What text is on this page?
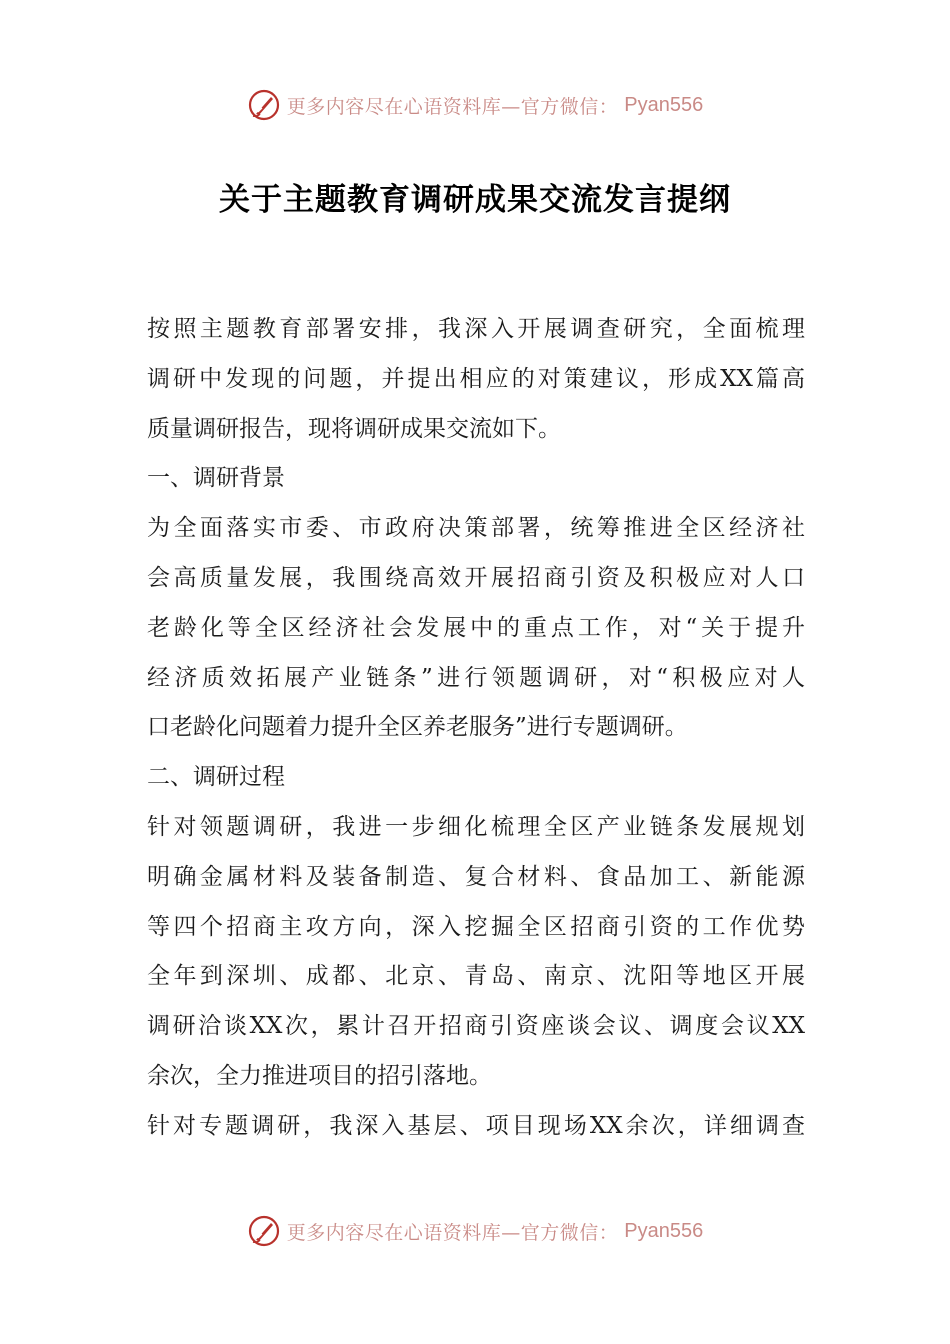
更多内容尽在心语资料库—官方微信： Pyan556
关于主题教育调研成果交流发言提纲
按照主题教育部署安排，我深入开展调查研究，全面梳理
调研中发现的问题，并提出相应的对策建议，形成XX篇高
质量调研报告，现将调研成果交流如下。
一、调研背景
为全面落实市委、市政府决策部署，统筹推进全区经济社
会高质量发展，我围绕高效开展招商引资及积极应对人口
老龄化等全区经济社会发展中的重点工作，对“关于提升
经济质效拓展产业链条”进行领题调研，对“积极应对人
口老龄化问题着力提升全区养老服务”进行专题调研。
二、调研过程
针对领题调研，我进一步细化梳理全区产业链条发展规划
明确金属材料及装备制造、复合材料、食品加工、新能源
等四个招商主攻方向，深入挖掘全区招商引资的工作优势
全年到深圳、成都、北京、青岛、南京、沈阳等地区开展
调研洽谈XX次，累计召开招商引资座谈会议、调度会议XX
余次，全力推进项目的招引落地。
针对专题调研，我深入基层、项目现场XX余次，详细调查
更多内容尽在心语资料库—官方微信： Pyan556
